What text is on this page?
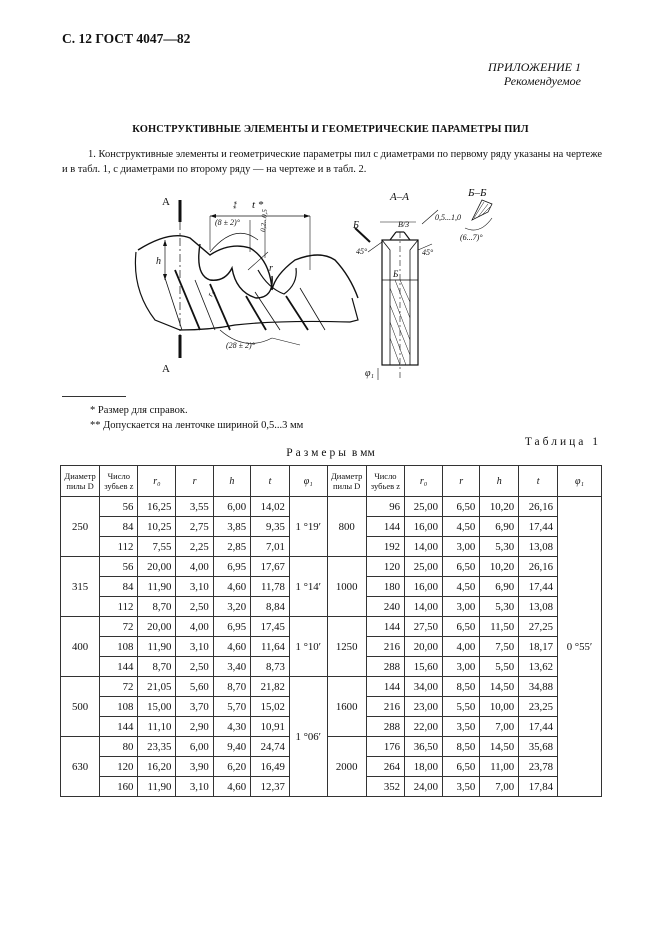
С. 12 ГОСТ 4047—82
ПРИЛОЖЕНИЕ 1
Рекомендуемое
КОНСТРУКТИВНЫЕ ЭЛЕМЕНТЫ И ГЕОМЕТРИЧЕСКИЕ ПАРАМЕТРЫ ПИЛ
1. Конструктивные элементы и геометрические параметры пил с диаметрами по первому ряду указаны на чертеже и в табл. 1, с диаметрами по второму ряду — на чертеже и в табл. 2.
А
А
t *
h
r
r₀
(8 ± 2)°
(28 ± 2)°
0,2...0,5
**
А–А
Б	B/3
0,5...1,0
45°	45°
Б
φ₁
Б–Б
(6...7)°
* Размер для справок.
** Допускается на ленточке шириной 0,5...3 мм
Таблица 1
Размеры в мм
Диаметр
пилы D	Число
зубьев z	r₀	r	h	t	φ₁	Диаметр
пилы D	Число
зубьев z	r₀	r	h	t	φ₁
250	56	16,25	3,55	6,00	14,02	1 °19′	800	96	25,00	6,50	10,20	26,16	0 °55′
	84	10,25	2,75	3,85	9,35			144	16,00	4,50	6,90	17,44	
	112	7,55	2,25	2,85	7,01			192	14,00	3,00	5,30	13,08	
315	56	20,00	4,00	6,95	17,67	1 °14′	1000	120	25,00	6,50	10,20	26,16	
	84	11,90	3,10	4,60	11,78			180	16,00	4,50	6,90	17,44	
	112	8,70	2,50	3,20	8,84			240	14,00	3,00	5,30	13,08	
400	72	20,00	4,00	6,95	17,45	1 °10′	1250	144	27,50	6,50	11,50	27,25	
	108	11,90	3,10	4,60	11,64			216	20,00	4,00	7,50	18,17	
	144	8,70	2,50	3,40	8,73			288	15,60	3,00	5,50	13,62	
500	72	21,05	5,60	8,70	21,82	1 °06′	1600	144	34,00	8,50	14,50	34,88	
	108	15,00	3,70	5,70	15,02			216	23,00	5,50	10,00	23,25	
	144	11,10	2,90	4,30	10,91			288	22,00	3,50	7,00	17,44	
630	80	23,35	6,00	9,40	24,74		2000	176	36,50	8,50	14,50	35,68	
	120	16,20	3,90	6,20	16,49			264	18,00	6,50	11,00	23,78	
	160	11,90	3,10	4,60	12,37			352	24,00	3,50	7,00	17,84	
